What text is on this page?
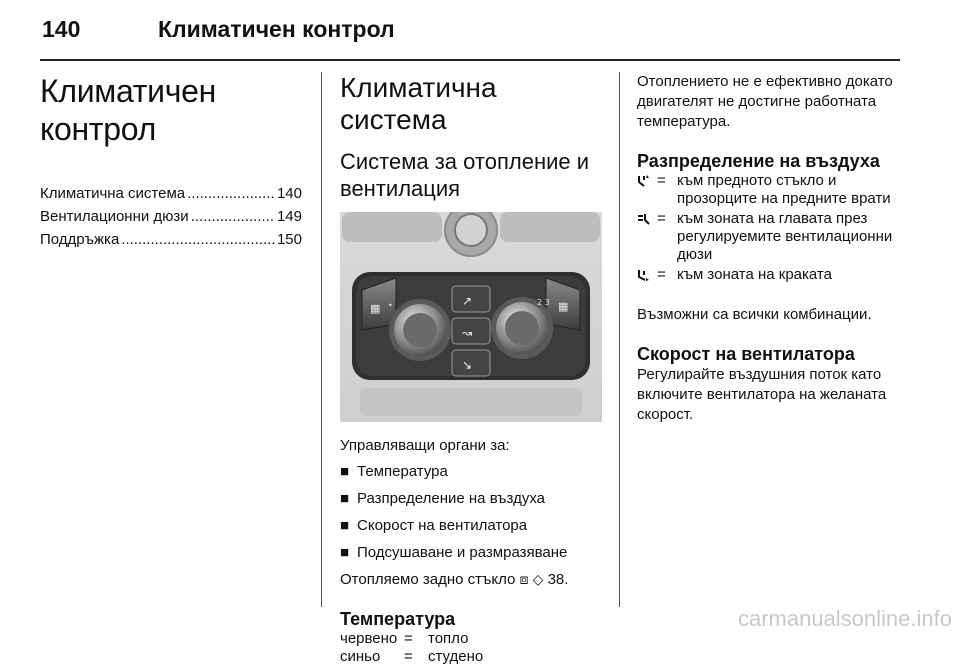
140	Климатичен контрол
Климатичен контрол
Климатична система .....	140
Вентилационни дюзи .....	149
Поддръжка .....	150
Климатична система
Система за отопление и вентилация
▦	▦
↗
↝
↘
•	2 3

Управляващи органи за:

■ Температура
■ Разпределение на въздуха
■ Скорост на вентилатора
■ Подсушаване и размразяване

Отопляемо задно стъкло ⧈ ◇ 38.

Температура
червено =	топло
синьо	=	студено

Отоплението не е ефективно докато двигателят не достигне работната температура.

Разпределение на въздуха
= към предното стъкло и прозорците на предните врати
= към зоната на главата през регулируемите вентилационни дюзи
= към зоната на краката

Възможни са всички комбинации.

Скорост на вентилатора

Регулирайте въздушния поток като включите вентилатора на желаната скорост.

carmanualsonline.info
